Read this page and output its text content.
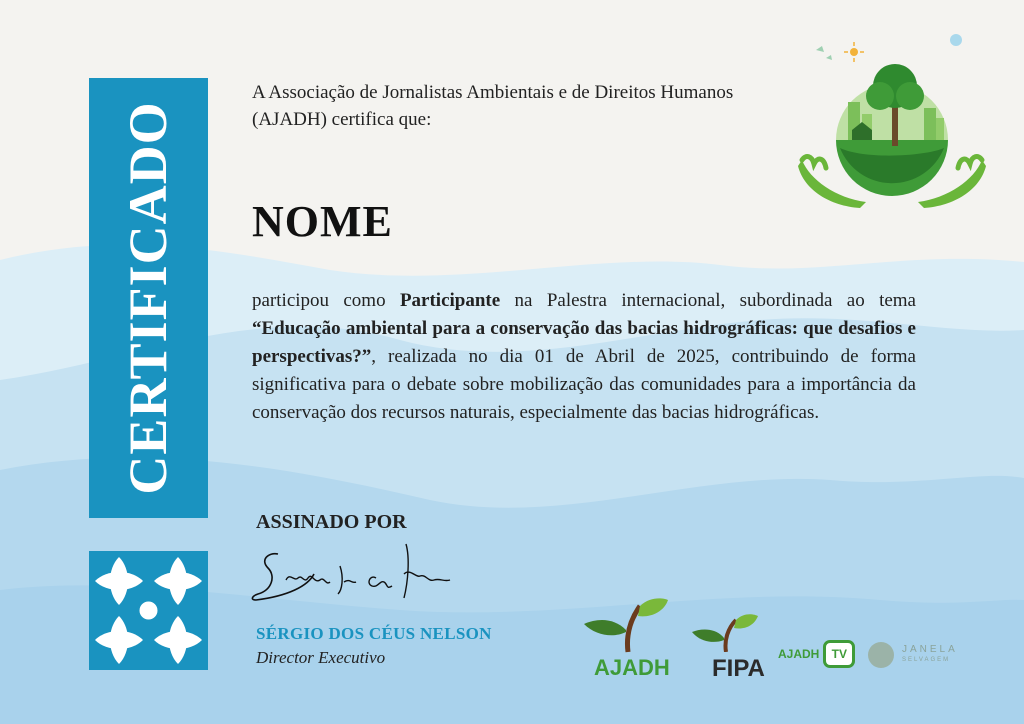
CERTIFICADO
A Associação de Jornalistas Ambientais e de Direitos Humanos (AJADH) certifica que:
NOME
participou como Participante na Palestra internacional, subordinada ao tema “Educação ambiental para a conservação das bacias hidrográficas: que desafios e perspectivas?”, realizada no dia 01 de Abril de 2025, contribuindo de forma significativa para o debate sobre mobilização das comunidades para a importância da conservação dos recursos naturais, especialmente das bacias hidrográficas.
ASSINADO POR
SÉRGIO DOS CÉUS NELSON
Director Executivo	AJADH FIPA
AJADH TV
	JANELA
SELVAGEM
